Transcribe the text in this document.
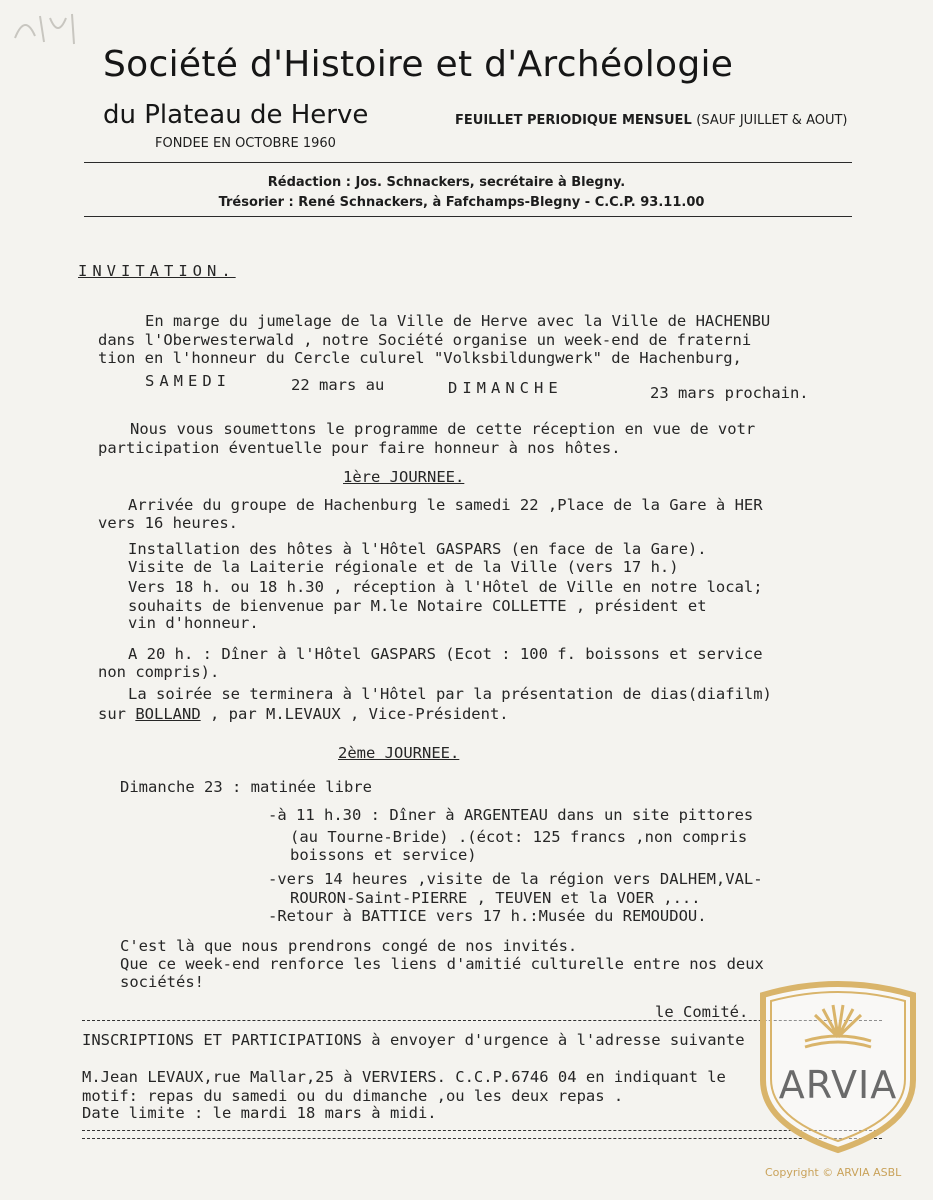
Société d'Histoire et d'Archéologie
du Plateau de Herve	FEUILLET PERIODIQUE MENSUEL (SAUF JUILLET & AOUT)
FONDEE EN OCTOBRE 1960
Rédaction : Jos. Schnackers, secrétaire à Blegny.
Trésorier : René Schnackers, à Fafchamps-Blegny - C.C.P. 93.11.00
INVITATION.
En marge du jumelage de la Ville de Herve avec la Ville de HACHENBU
dans l'Oberwesterwald , notre Société organise un week-end de fraterni
tion en l'honneur du Cercle culurel "Volksbildungwerk" de Hachenburg,
SAMEDI	22 mars au	DIMANCHE	23 mars prochain.
Nous vous soumettons le programme de cette réception en vue de votr
participation éventuelle pour faire honneur à nos hôtes.
1ère JOURNEE.
Arrivée du groupe de Hachenburg le samedi 22 ,Place de la Gare à HER
vers 16 heures.
Installation des hôtes à l'Hôtel GASPARS (en face de la Gare).
Visite de la Laiterie régionale et de la Ville (vers 17 h.)
Vers 18 h. ou 18 h.30 , réception à l'Hôtel de Ville en notre local;
souhaits de bienvenue par M.le Notaire COLLETTE , président et
vin d'honneur.
A 20 h. : Dîner à l'Hôtel GASPARS (Ecot : 100 f. boissons et service
non compris).
La soirée se terminera à l'Hôtel par la présentation de dias(diafilm)
sur BOLLAND , par M.LEVAUX , Vice-Président.
2ème JOURNEE.
Dimanche 23 : matinée libre
-à 11 h.30 : Dîner à ARGENTEAU dans un site pittores
(au Tourne-Bride) .(écot: 125 francs ,non compris
boissons et service)
-vers 14 heures ,visite de la région vers DALHEM,VAL-
ROURON-Saint-PIERRE , TEUVEN et la VOER ,...
-Retour à BATTICE vers 17 h.:Musée du REMOUDOU.
C'est là que nous prendrons congé de nos invités.
Que ce week-end renforce les liens d'amitié culturelle entre nos deux
sociétés!
le Comité.
INSCRIPTIONS ET PARTICIPATIONS à envoyer d'urgence à l'adresse suivante
M.Jean LEVAUX,rue Mallar,25 à VERVIERS. C.C.P.6746 04 en indiquant le
motif: repas du samedi ou du dimanche ,ou les deux repas .
Date limite : le mardi 18 mars à midi.
ARVIA
Copyright © ARVIA ASBL
